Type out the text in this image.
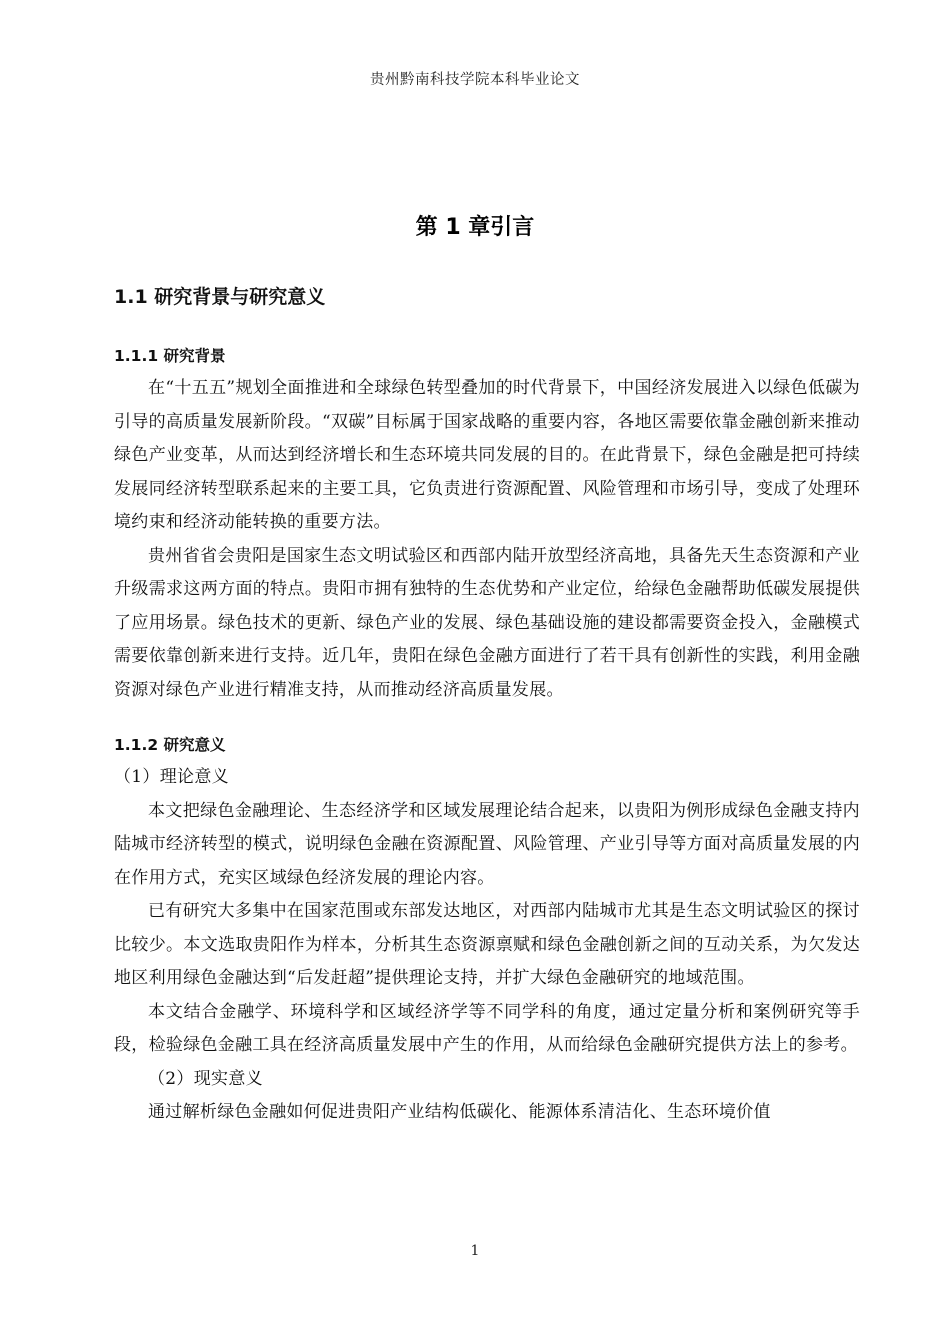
贵州黔南科技学院本科毕业论文
第 1 章引言
1.1 研究背景与研究意义
1.1.1 研究背景

在“十五五”规划全面推进和全球绿色转型叠加的时代背景下，中国经济发展进入以绿色低碳为引导的高质量发展新阶段。“双碳”目标属于国家战略的重要内容，各地区需要依靠金融创新来推动绿色产业变革，从而达到经济增长和生态环境共同发展的目的。在此背景下，绿色金融是把可持续发展同经济转型联系起来的主要工具，它负责进行资源配置、风险管理和市场引导，变成了处理环境约束和经济动能转换的重要方法。

贵州省省会贵阳是国家生态文明试验区和西部内陆开放型经济高地，具备先天生态资源和产业升级需求这两方面的特点。贵阳市拥有独特的生态优势和产业定位，给绿色金融帮助低碳发展提供了应用场景。绿色技术的更新、绿色产业的发展、绿色基础设施的建设都需要资金投入，金融模式需要依靠创新来进行支持。近几年，贵阳在绿色金融方面进行了若干具有创新性的实践，利用金融资源对绿色产业进行精准支持，从而推动经济高质量发展。

1.1.2 研究意义

（1）理论意义

本文把绿色金融理论、生态经济学和区域发展理论结合起来，以贵阳为例形成绿色金融支持内陆城市经济转型的模式，说明绿色金融在资源配置、风险管理、产业引导等方面对高质量发展的内在作用方式，充实区域绿色经济发展的理论内容。

已有研究大多集中在国家范围或东部发达地区，对西部内陆城市尤其是生态文明试验区的探讨比较少。本文选取贵阳作为样本，分析其生态资源禀赋和绿色金融创新之间的互动关系，为欠发达地区利用绿色金融达到“后发赶超”提供理论支持，并扩大绿色金融研究的地域范围。

本文结合金融学、环境科学和区域经济学等不同学科的角度，通过定量分析和案例研究等手段，检验绿色金融工具在经济高质量发展中产生的作用，从而给绿色金融研究提供方法上的参考。

（2）现实意义

通过解析绿色金融如何促进贵阳产业结构低碳化、能源体系清洁化、生态环境价值

1
